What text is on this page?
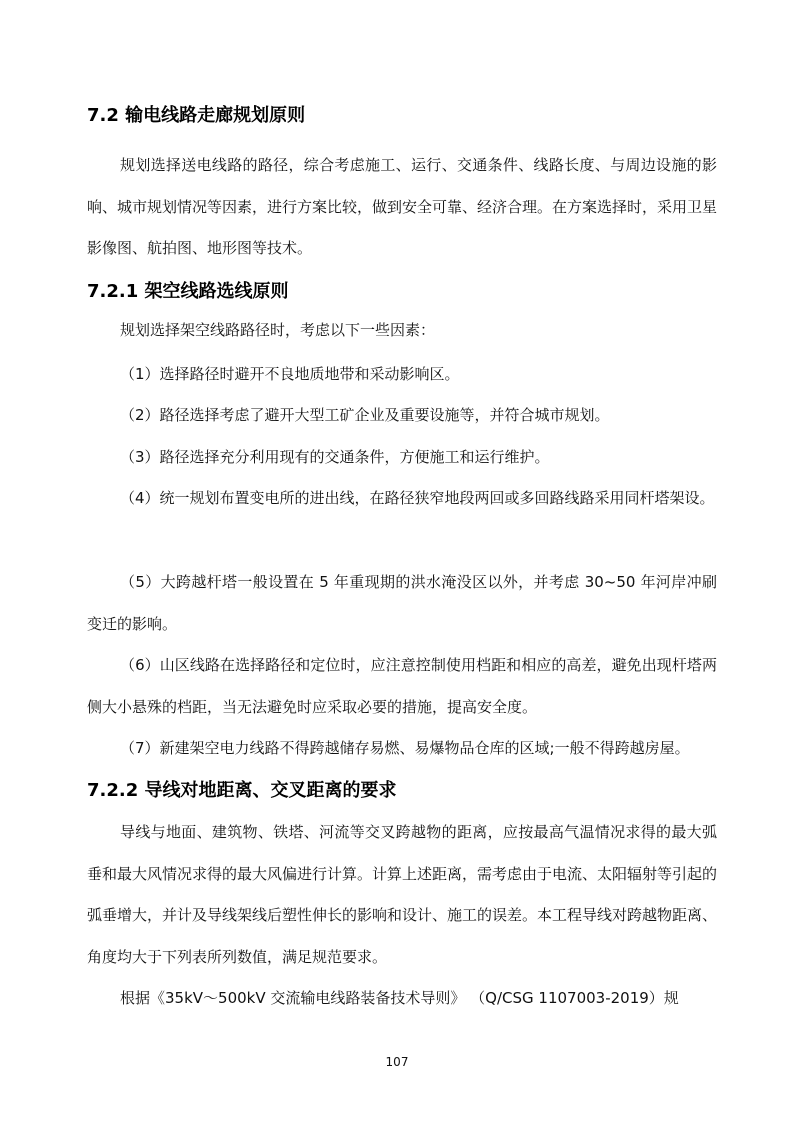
7.2 输电线路走廊规划原则

规划选择送电线路的路径，综合考虑施工、运行、交通条件、线路长度、与周边设施的影响、城市规划情况等因素，进行方案比较，做到安全可靠、经济合理。在方案选择时，采用卫星影像图、航拍图、地形图等技术。

7.2.1 架空线路选线原则

规划选择架空线路路径时，考虑以下一些因素：

（1）选择路径时避开不良地质地带和采动影响区。

（2）路径选择考虑了避开大型工矿企业及重要设施等，并符合城市规划。

（3）路径选择充分利用现有的交通条件，方便施工和运行维护。

（4）统一规划布置变电所的进出线，在路径狭窄地段两回或多回路线路采用同杆塔架设。

（5）大跨越杆塔一般设置在 5 年重现期的洪水淹没区以外，并考虑 30~50 年河岸冲刷变迁的影响。

（6）山区线路在选择路径和定位时，应注意控制使用档距和相应的高差，避免出现杆塔两侧大小悬殊的档距，当无法避免时应采取必要的措施，提高安全度。

（7）新建架空电力线路不得跨越储存易燃、易爆物品仓库的区域;一般不得跨越房屋。

7.2.2 导线对地距离、交叉距离的要求

导线与地面、建筑物、铁塔、河流等交叉跨越物的距离，应按最高气温情况求得的最大弧垂和最大风情况求得的最大风偏进行计算。计算上述距离，需考虑由于电流、太阳辐射等引起的弧垂增大，并计及导线架线后塑性伸长的影响和设计、施工的误差。本工程导线对跨越物距离、角度均大于下列表所列数值，满足规范要求。

根据《35kV～500kV 交流输电线路装备技术导则》 （Q/CSG 1107003-2019）规

107
